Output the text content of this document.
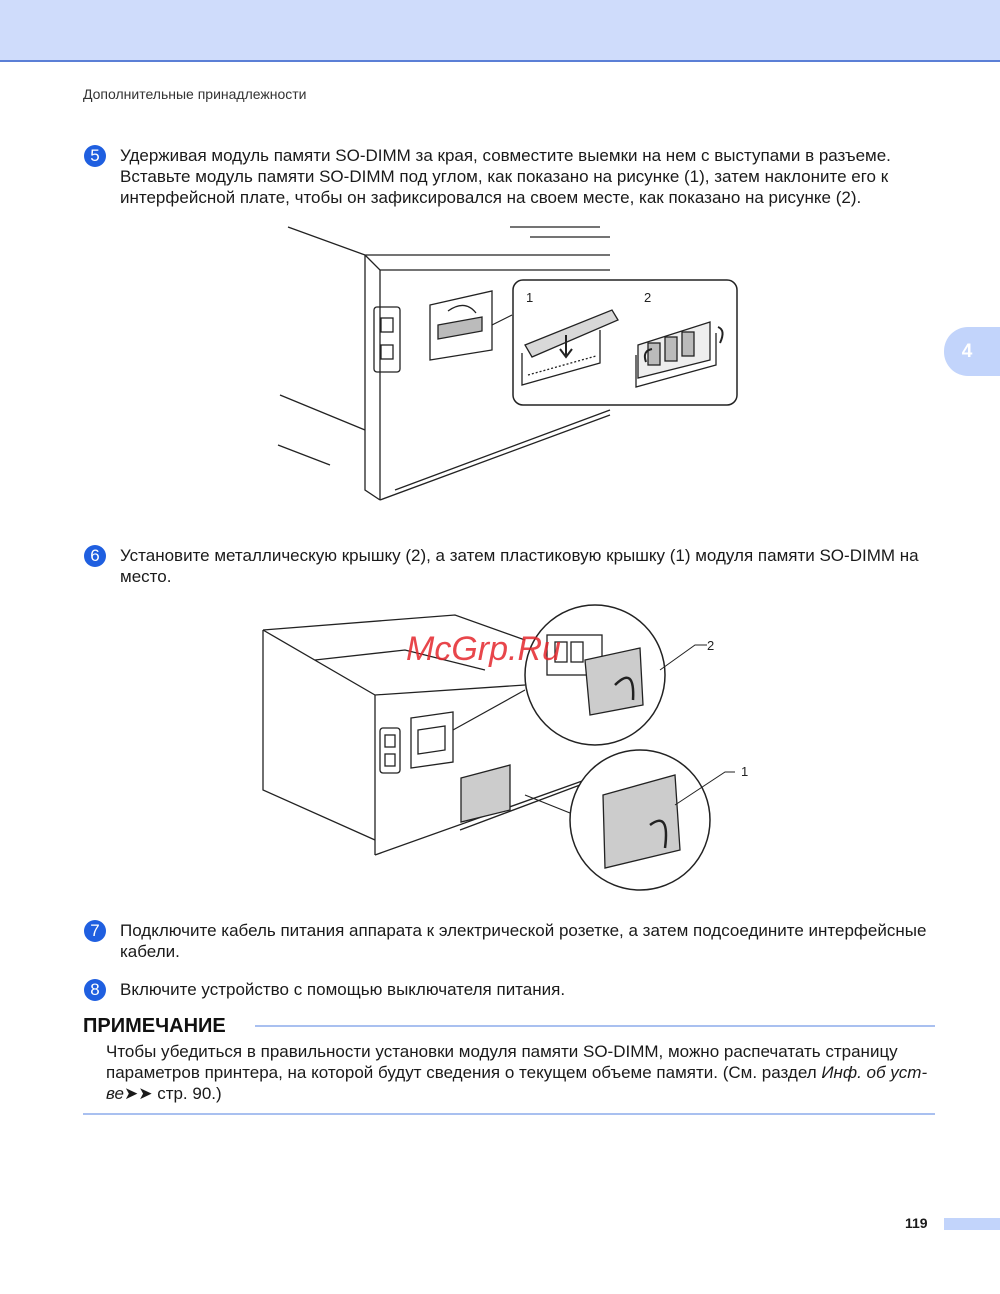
4
Дополнительные принадлежности
5	Удерживая модуль памяти SO-DIMM за края, совместите выемки на нем с выступами в разъеме. Вставьте модуль памяти SO-DIMM под углом, как показано на рисунке (1), затем наклоните его к интерфейсной плате, чтобы он зафиксировался на своем месте, как показано на рисунке (2).
1	2
6	Установите металлическую крышку (2), а затем пластиковую крышку (1) модуля памяти SO-DIMM на место.
2
1
McGrp.Ru
7	Подключите кабель питания аппарата к электрической розетке, а затем подсоедините интерфейсные кабели.
8	Включите устройство с помощью выключателя питания.
ПРИМЕЧАНИЕ
Чтобы убедиться в правильности установки модуля памяти SO-DIMM, можно распечатать страницу параметров принтера, на которой будут сведения о текущем объеме памяти. (См. раздел Инф. об уст-ве➤➤ стр. 90.)
119
